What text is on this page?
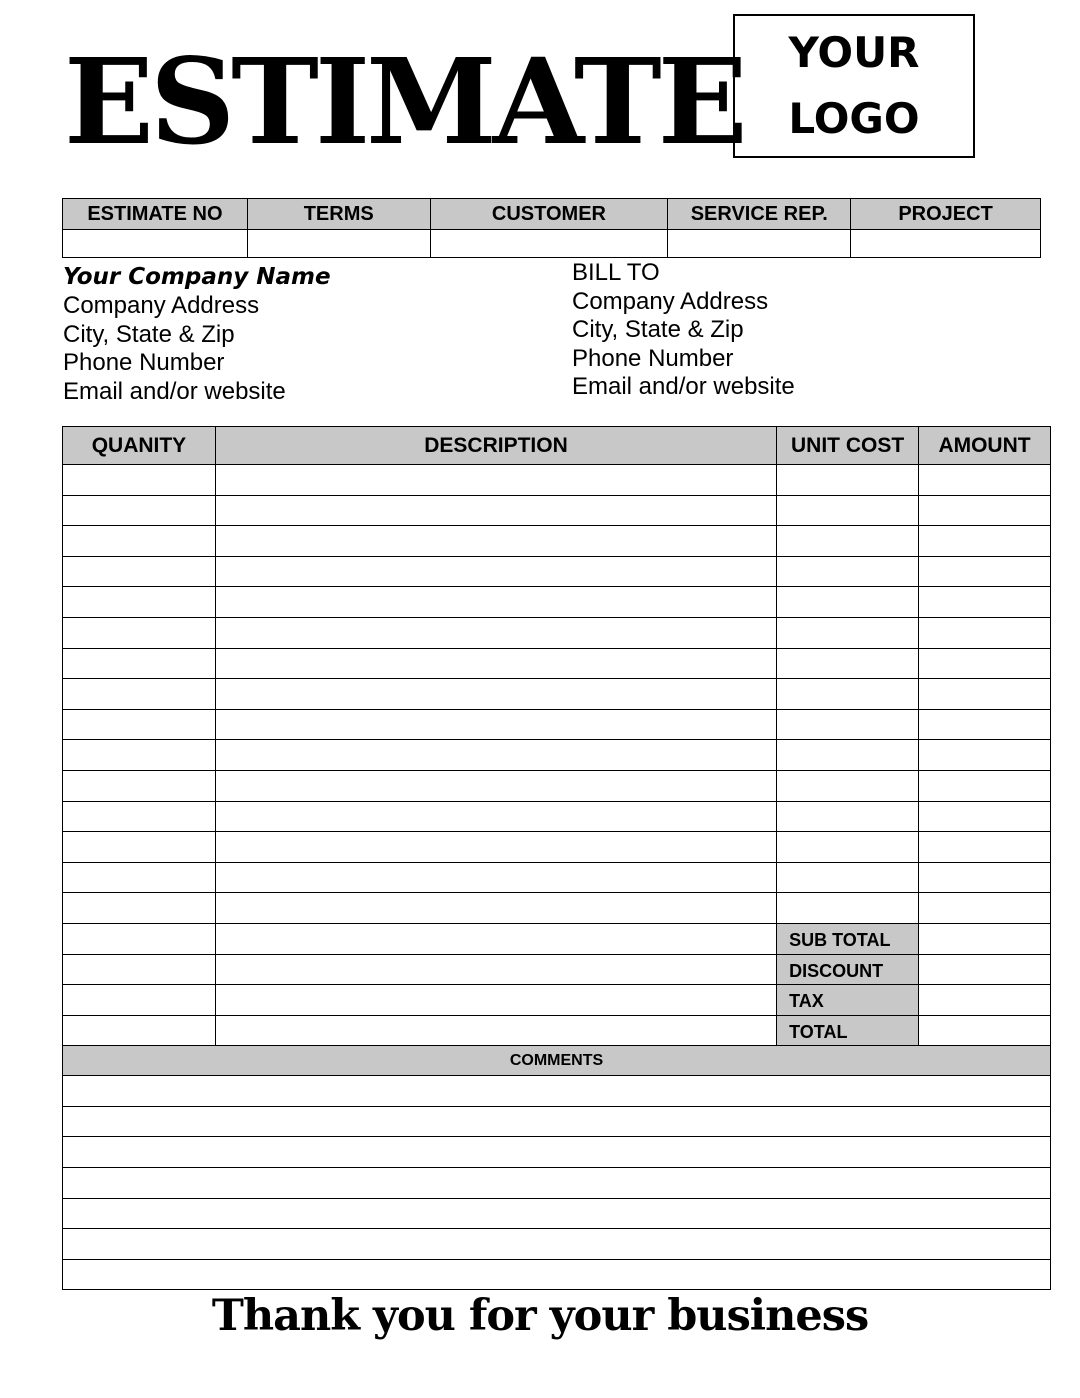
ESTIMATE YOUR
LOGO
ESTIMATE NO	TERMS	CUSTOMER	SERVICE REP.	PROJECT

Your Company Name
Company Address
City, State & Zip
Phone Number
Email and/or website
BILL TO
Company Address
City, State & Zip
Phone Number
Email and/or website
QUANITY	DESCRIPTION	UNIT COST	AMOUNT

		SUB TOTAL	
		DISCOUNT	
		TAX	
		TOTAL	
COMMENTS			

Thank you for your business
